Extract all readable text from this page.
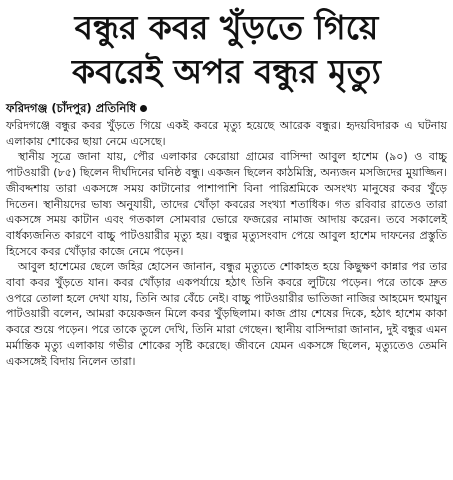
বন্ধুর কবর খুঁড়তে গিয়ে
কবরেই অপর বন্ধুর মৃত্যু
ফরিদগঞ্জ (চাঁদপুর) প্রতিনিধি

ফরিদগঞ্জে বন্ধুর কবর খুঁড়তে গিয়ে একই কবরে মৃত্যু হয়েছে আরেক বন্ধুর। হৃদয়বিদারক এ ঘটনায় এলাকায় শোকের ছায়া নেমে এসেছে।

স্থানীয় সূত্রে জানা যায়, পৌর এলাকার কেরোয়া গ্রামের বাসিন্দা আবুল হাশেম (৯০) ও বাচ্চু পাটওয়ারী (৮৫) ছিলেন দীর্ঘদিনের ঘনিষ্ঠ বন্ধু। একজন ছিলেন কাঠমিস্ত্রি, অন্যজন মসজিদের মুয়াজ্জিন। জীবদ্দশায় তারা একসঙ্গে সময় কাটানোর পাশাপাশি বিনা পারিশ্রমিকে অসংখ্য মানুষের কবর খুঁড়ে দিতেন। স্থানীয়দের ভাষ্য অনুযায়ী, তাদের খোঁড়া কবরের সংখ্যা শতাধিক। গত রবিবার রাতেও তারা একসঙ্গে সময় কাটান এবং গতকাল সোমবার ভোরে ফজরের নামাজ আদায় করেন। তবে সকালেই বার্ধক্যজনিত কারণে বাচ্চু পাটওয়ারীর মৃত্যু হয়। বন্ধুর মৃত্যুসংবাদ পেয়ে আবুল হাশেম দাফনের প্রস্তুতি হিসেবে কবর খোঁড়ার কাজে নেমে পড়েন।

আবুল হাশেমের ছেলে জহির হোসেন জানান, বন্ধুর মৃত্যুতে শোকাহত হয়ে কিছুক্ষণ কান্নার পর তার বাবা কবর খুঁড়তে যান। কবর খোঁড়ার একপর্যায়ে হঠাৎ তিনি কবরে লুটিয়ে পড়েন। পরে তাকে দ্রুত ওপরে তোলা হলে দেখা যায়, তিনি আর বেঁচে নেই। বাচ্চু পাটওয়ারীর ভাতিজা নাজির আহমেদ হুমায়ুন পাটওয়ারী বলেন, আমরা কয়েকজন মিলে কবর খুঁড়ছিলাম। কাজ প্রায় শেষের দিকে, হঠাৎ হাশেম কাকা কবরে শুয়ে পড়েন। পরে তাকে তুলে দেখি, তিনি মারা গেছেন। স্থানীয় বাসিন্দারা জানান, দুই বন্ধুর এমন মর্মান্তিক মৃত্যু এলাকায় গভীর শোকের সৃষ্টি করেছে। জীবনে যেমন একসঙ্গে ছিলেন, মৃত্যুতেও তেমনি একসঙ্গেই বিদায় নিলেন তারা।
